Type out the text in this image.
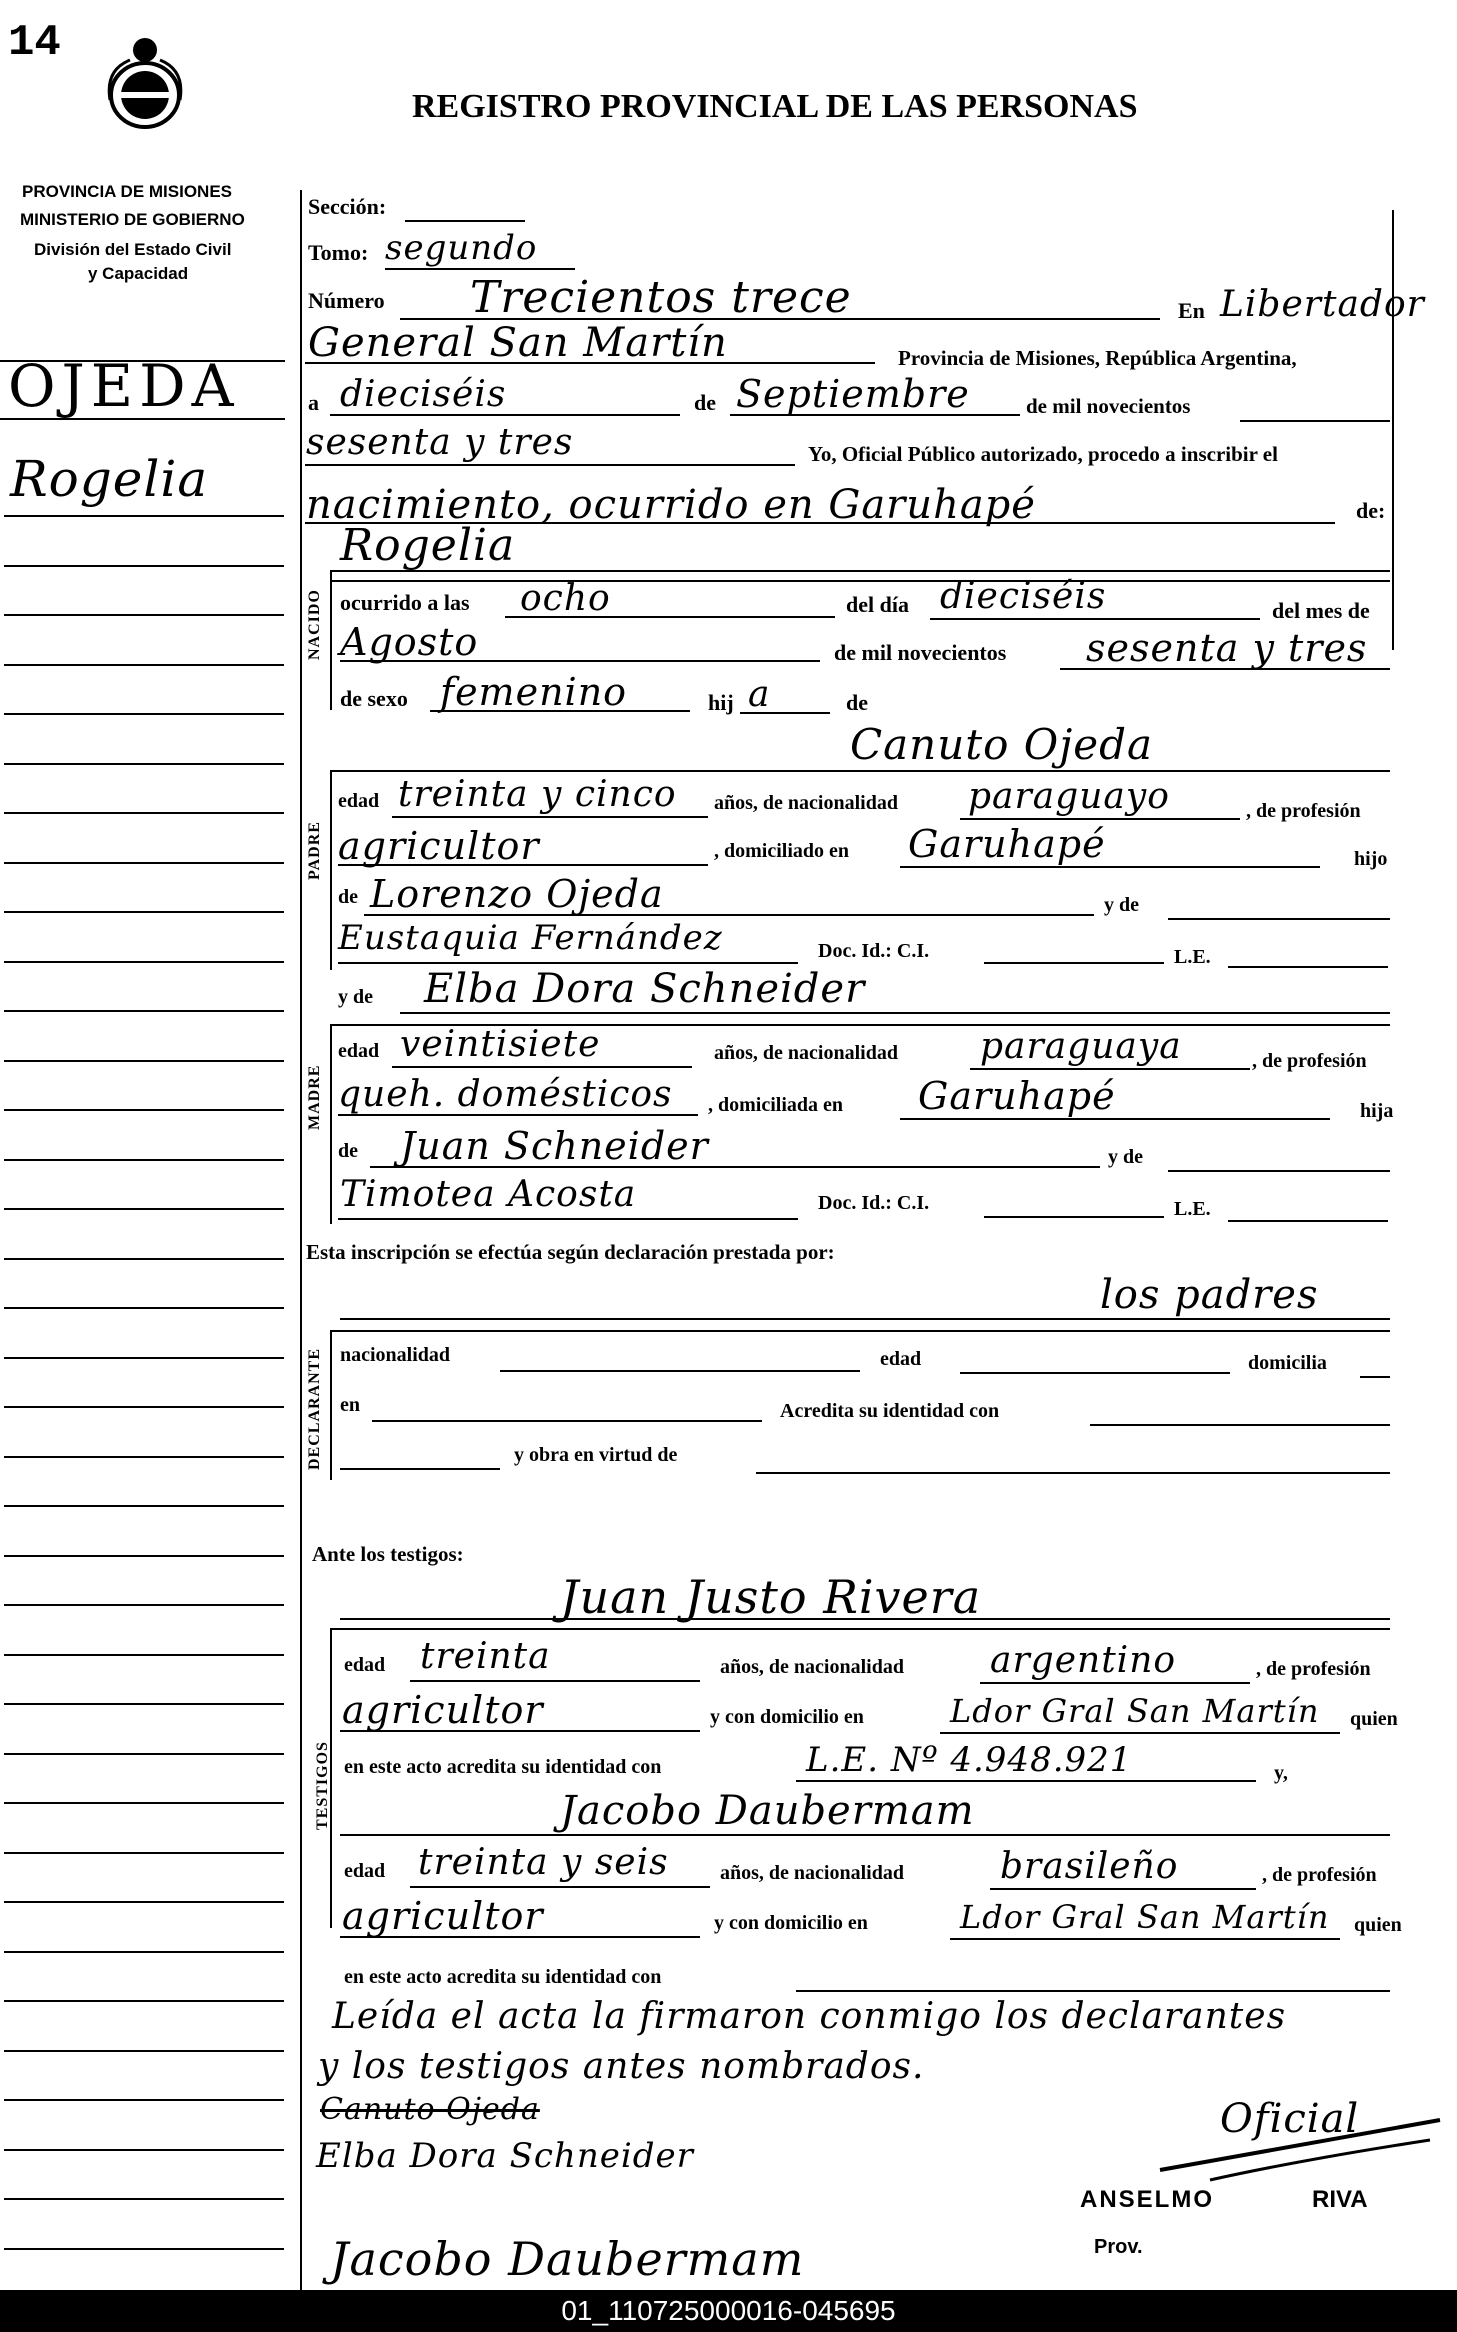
14
REGISTRO PROVINCIAL DE LAS PERSONAS
PROVINCIA DE MISIONES
MINISTERIO DE GOBIERNO
División del Estado Civil
y Capacidad
OJEDA
Rogelia
Sección:
Tomo: segundo
Número Trecientos trece	En Libertador
General San Martín	Provincia de Misiones, República Argentina,
a dieciséis	de Septiembre	de mil novecientos
sesenta y tres	Yo, Oficial Público autorizado, procedo a inscribir el
nacimiento, ocurrido en Garuhapé	de:
NACIDO
Rogelia
ocurrido a las ocho	del día dieciséis	del mes de
Agosto	de mil novecientos sesenta y tres
de sexo femenino	hij a	de
PADRE
Canuto Ojeda
edad treinta y cinco años, de nacionalidad paraguayo	, de profesión
agricultor	, domiciliado en Garuhapé	hijo
de Lorenzo Ojeda	y de
Eustaquia Fernández	Doc. Id.: C.I.	L.E.
y de Elba Dora Schneider
MADRE
edad veintisiete	años, de nacionalidad paraguaya	, de profesión
queh. domésticos , domiciliada en Garuhapé	hija
de Juan Schneider	y de
Timotea Acosta	Doc. Id.: C.I.	L.E.
Esta inscripción se efectúa según declaración prestada por:
los padres
DECLARANTE nacionalidad	edad	domicilia
en	Acredita su identidad con
y obra en virtud de
Ante los testigos:
Juan Justo Rivera
TESTIGOS
edad treinta	años, de nacionalidad argentino	, de profesión
agricultor	y con domicilio en	Ldor Gral San Martín quien
en este acto acredita su identidad con	L.E. Nº 4.948.921	y,
Jacobo Daubermam
edad treinta y seis	años, de nacionalidad	brasileño	, de profesión
agricultor	y con domicilio en	Ldor Gral San Martín quien
en este acto acredita su identidad con
Leída el acta la firmaron conmigo los declarantes
y los testigos antes nombrados.
Canuto Ojeda
Elba Dora Schneider
Jacobo Daubermam
Oficial
ANSELMO	RIVA
Prov.
01_110725000016-045695
